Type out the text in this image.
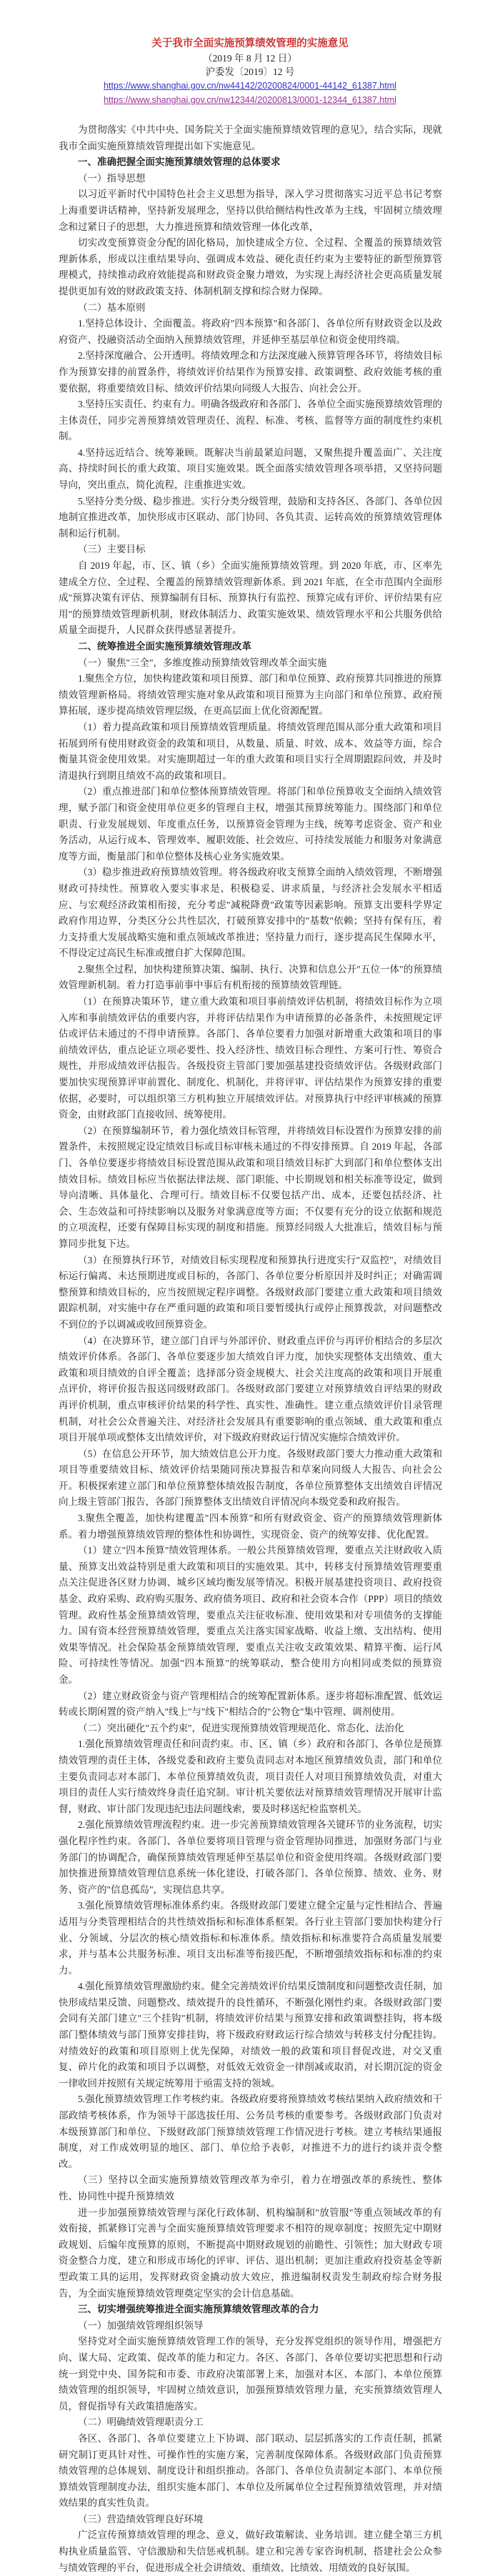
关于我市全面实施预算绩效管理的实施意见
（2019 年 8 月 12 日）
沪委发〔2019〕12 号
https://www.shanghai.gov.cn/nw44142/20200824/0001-44142_61387.html
https://www.shanghai.gov.cn/nw12344/20200813/0001-12344_61387.html

为贯彻落实《中共中央、国务院关于全面实施预算绩效管理的意见》，结合实际，现就我市全面实施预算绩效管理提出如下实施意见。

一、准确把握全面实施预算绩效管理的总体要求

（一）指导思想

以习近平新时代中国特色社会主义思想为指导，深入学习贯彻落实习近平总书记考察上海重要讲话精神，坚持新发展理念，坚持以供给侧结构性改革为主线，牢固树立绩效理念和过紧日子的思想，大力推进预算和绩效管理一体化改革，

切实改变预算资金分配的固化格局，加快建成全方位、全过程、全覆盖的预算绩效管理新体系，形成以注重结果导向、强调成本效益、硬化责任约束为主要特征的新型预算管理模式，持续推动政府效能提高和财政资金聚力增效，为实现上海经济社会更高质量发展提供更加有效的财政政策支持、体制机制支撑和综合财力保障。

（二）基本原则

1.坚持总体设计、全面覆盖。将政府"四本预算"和各部门、各单位所有财政资金以及政府资产、投融资活动全面纳入预算绩效管理，并延伸至基层单位和资金使用终端。

2.坚持深度融合、公开透明。将绩效理念和方法深度融入预算管理各环节，将绩效目标作为预算安排的前置条件，将绩效评价结果作为预算安排、政策调整、政府效能考核的重要依据，将重要绩效目标、绩效评价结果向同级人大报告、向社会公开。

3.坚持压实责任、约束有力。明确各级政府和各部门、各单位全面实施预算绩效管理的主体责任，同步完善预算绩效管理责任、流程、标准、考核、监督等方面的制度性约束机制。

4.坚持远近结合、统筹兼顾。既解决当前最紧迫问题，又聚焦提升覆盖面广、关注度高、持续时间长的重大政策、项目实施效果。既全面落实绩效管理各项举措，又坚持问题导向，突出重点，简化流程，注重推进实效。

5.坚持分类分级、稳步推进。实行分类分级管理，鼓励和支持各区、各部门、各单位因地制宜推进改革，加快形成市区联动、部门协同、各负其责、运转高效的预算绩效管理体制和运行机制。

（三）主要目标

自 2019 年起，市、区、镇（乡）全面实施预算绩效管理。到 2020 年底，市、区率先建成全方位、全过程、全覆盖的预算绩效管理新体系。到 2021 年底，在全市范围内全面形成"预算决策有评估、预算编制有目标、预算执行有监控、预算完成有评价、评价结果有应用"的预算绩效管理新机制，财政体制活力、政策实施效果、绩效管理水平和公共服务供给质量全面提升，人民群众获得感显著提升。

二、统筹推进全面实施预算绩效管理改革

（一）聚焦"三全"，多维度推动预算绩效管理改革全面实施

1.聚焦全方位，加快构建政策和项目预算、部门和单位预算、政府预算共同推进的预算绩效管理新格局。将绩效管理实施对象从政策和项目预算为主向部门和单位预算、政府预算拓展，逐步提高绩效管理层级，在更高层面上优化资源配置。

（1）着力提高政策和项目预算绩效管理质量。将绩效管理范围从部分重大政策和项目拓展到所有使用财政资金的政策和项目，从数量、质量、时效、成本、效益等方面，综合衡量其资金使用效果。对实施期超过一年的重大政策和项目实行全周期跟踪问效，并及时清退执行到期且绩效不高的政策和项目。

（2）重点推进部门和单位整体预算绩效管理。将部门和单位预算收支全面纳入绩效管理，赋予部门和资金使用单位更多的管理自主权，增强其预算统筹能力。围绕部门和单位职责、行业发展规划、年度重点任务，以预算资金管理为主线，统筹考虑资金、资产和业务活动，从运行成本、管理效率、履职效能、社会效应、可持续发展能力和服务对象满意度等方面，衡量部门和单位整体及核心业务实施效果。

（3）稳步推进政府预算绩效管理。将各级政府收支预算全面纳入绩效管理，不断增强财政可持续性。预算收入要实事求是、积极稳妥、讲求质量，与经济社会发展水平相适应、与宏观经济政策相衔接，充分考虑"减税降费"政策等因素影响。预算支出要科学界定政府作用边界，分类区分公共性层次，打破预算安排中的"基数"依赖；坚持有保有压，着力支持重大发展战略实施和重点领域改革推进；坚持量力而行，逐步提高民生保障水平，不得设定过高民生标准或擅自扩大保障范围。

2.聚焦全过程，加快构建预算决策、编制、执行、决算和信息公开"五位一体"的预算绩效管理新机制。着力打造事前事中事后有机衔接的预算绩效管理链。

（1）在预算决策环节，建立重大政策和项目事前绩效评估机制，将绩效目标作为立项入库和事前绩效评估的重要内容，并将评估结果作为申请预算的必备条件，未按照规定评估或评估未通过的不得申请预算。各部门、各单位要着力加强对新增重大政策和项目的事前绩效评估，重点论证立项必要性、投入经济性、绩效目标合理性、方案可行性、筹资合规性，并形成绩效评估报告。各级投资主管部门要加强基建投资绩效评估。各级财政部门要加快实现预算评审前置化、制度化、机制化，并将评审、评估结果作为预算安排的重要依据，必要时，可以组织第三方机构独立开展绩效评估。对预算执行中经评审核减的预算资金，由财政部门直接收回、统筹使用。

（2）在预算编制环节，着力强化绩效目标管理，并将绩效目标设置作为预算安排的前置条件，未按照规定设定绩效目标或目标审核未通过的不得安排预算。自 2019 年起，各部门、各单位要逐步将绩效目标设置范围从政策和项目绩效目标扩大到部门和单位整体支出绩效目标。绩效目标应当依据法律法规、部门职能、中长期规划和相关标准等设定，做到导向清晰、具体量化、合理可行。绩效目标不仅要包括产出、成本，还要包括经济、社会、生态效益和可持续影响以及服务对象满意度等方面；不仅要有充分的设立依据和规范的立项流程，还要有保障目标实现的制度和措施。预算经同级人大批准后，绩效目标与预算同步批复下达。

（3）在预算执行环节，对绩效目标实现程度和预算执行进度实行"双监控"，对绩效目标运行偏离、未达预期进度或目标的，各部门、各单位要分析原因并及时纠正；对确需调整预算和绩效目标的，应当按照规定程序调整。各级财政部门要建立重大政策和项目绩效跟踪机制，对实施中存在严重问题的政策和项目要暂缓执行或停止预算拨款，对问题整改不到位的予以调减或收回预算资金。

（4）在决算环节，建立部门自评与外部评价、财政重点评价与再评价相结合的多层次绩效评价体系。各部门、各单位要逐步加大绩效自评力度，加快实现整体支出绩效、重大政策和项目绩效的自评全覆盖；选择部分资金规模大、社会关注度高的政策和项目开展重点评价，将评价报告报送同级财政部门。各级财政部门要建立对预算绩效自评结果的财政再评价机制，重点审核评价结果的科学性、真实性、准确性。建立重点绩效评价目录管理机制，对社会公众普遍关注、对经济社会发展具有重要影响的重点领域、重大政策和重点项目开展单项或整体支出绩效评价，对下级政府财政运行情况实施综合绩效评价。

（5）在信息公开环节，加大绩效信息公开力度。各级财政部门要大力推动重大政策和项目等重要绩效目标、绩效评价结果随同预决算报告和草案向同级人大报告、向社会公开。积极探索建立部门和单位预算整体绩效报告制度，各单位预算整体支出绩效自评情况向上级主管部门报告，各部门预算整体支出绩效自评情况向本级党委和政府报告。

3.聚焦全覆盖，加快构建覆盖"四本预算"和所有财政资金、资产的预算绩效管理新体系。着力增强预算绩效管理的整体性和协调性，实现资金、资产的统筹安排、优化配置。

（1）建立"四本预算"绩效管理体系。一般公共预算绩效管理，要重点关注财政收入质量、预算支出效益特别是重大政策和项目的实施效果。其中，转移支付预算绩效管理要重点关注促进各区财力协调、城乡区域均衡发展等情况。积极开展基建投资项目、政府投资基金、政府采购、政府购买服务、政府债务项目、政府和社会资本合作（PPP）项目的绩效管理。政府性基金预算绩效管理，要重点关注征收标准、使用效果和对专项债务的支撑能力。国有资本经营预算绩效管理，要重点关注落实国家战略、收益上缴、支出结构、使用效果等情况。社会保险基金预算绩效管理，要重点关注收支政策效果、精算平衡、运行风险、可持续性等情况。加强"四本预算"的统筹联动，整合使用方向相同或类似的预算资金。

（2）建立财政资金与资产管理相结合的统筹配置新体系。逐步将超标准配置、低效运转或长期闲置的资产纳入"线上"与"线下"相结合的"公物仓"集中管理、调剂使用。

（二）突出硬化"五个约束"，促进实现预算绩效管理规范化、常态化、法治化

1.强化预算绩效管理责任和问责约束。市、区、镇（乡）政府和各部门、各单位是预算绩效管理的责任主体，各级党委和政府主要负责同志对本地区预算绩效负责，部门和单位主要负责同志对本部门、本单位预算绩效负责，项目责任人对项目预算绩效负责，对重大项目的责任人实行绩效终身责任追究制。审计机关要依法对预算绩效管理情况开展审计监督，财政、审计部门发现违纪违法问题线索，要及时移送纪检监察机关。

2.强化预算绩效管理流程约束。进一步完善预算绩效管理各关键环节的业务流程，切实强化程序性约束。各部门、各单位要将项目管理与资金管理协同推进，加强财务部门与业务部门的协调配合，确保预算绩效管理延伸至基层单位和资金使用终端。各级财政部门要加快推进预算绩效管理信息系统一体化建设，打破各部门、各单位预算、绩效、业务、财务、资产的"信息孤岛"，实现信息共享。

3.强化预算绩效管理标准体系约束。各级财政部门要建立健全定量与定性相结合、普遍适用与分类管理相结合的共性绩效指标和标准体系框架。各行业主管部门要加快构建分行业、分领域、分层次的核心绩效指标和标准体系。绩效指标和标准要符合高质量发展要求，并与基本公共服务标准、项目支出标准等衔接匹配，不断增强绩效指标和标准的约束力。

4.强化预算绩效管理激励约束。健全完善绩效评价结果反馈制度和问题整改责任制，加快形成结果反馈、问题整改、绩效提升的良性循环，不断强化刚性约束。各级财政部门要会同有关部门建立"三个挂钩"机制，将绩效评价结果与预算安排和政策调整挂钩，将本级部门整体绩效与部门预算安排挂钩，将下级政府财政运行综合绩效与转移支付分配挂钩。对绩效好的政策和项目原则上优先保障，对绩效一般的政策和项目督促改进，对交叉重复、碎片化的政策和项目予以调整，对低效无效资金一律削减或取消，对长期沉淀的资金一律收回并按照有关规定统筹用于亟需支持的领域。

5.强化预算绩效管理工作考核约束。各级政府要将预算绩效考核结果纳入政府绩效和干部政绩考核体系，作为领导干部选拔任用、公务员考核的重要参考。各级财政部门负责对本级预算部门和单位、下级财政部门预算绩效管理工作情况进行考核。建立考核结果通报制度，对工作成效明显的地区、部门、单位给予表彰，对推进不力的进行约谈并责令整改。

（三）坚持以全面实施预算绩效管理改革为牵引，着力在增强改革的系统性、整体性、协同性中提升预算绩效

进一步加强预算绩效管理与深化行政体制、机构编制和"放管服"等重点领域改革的有效衔接，抓紧修订完善与全面实施预算绩效管理要求不相符的规章制度；按照先定中期财政规划、后编年度预算的原则，不断提高中期财政规划的前瞻性、引领性；加大财政专项资金整合力度，建立和形成市场化的评审、评估、退出机制；更加注重政府投资基金等新型政策工具的运用，发挥财政资金撬动放大效应，推进编制权责发生制政府综合财务报告，为全面实施预算绩效管理奠定坚实的会计信息基础。

三、切实增强统筹推进全面实施预算绩效管理改革的合力

（一）加强绩效管理组织领导

坚持党对全面实施预算绩效管理工作的领导，充分发挥党组织的领导作用，增强把方向、谋大局、定政策、促改革的能力和定力。各区、各部门、各单位要切实把思想和行动统一到党中央、国务院和市委、市政府决策部署上来，加强对本区、本部门、本单位预算绩效管理的组织领导，牢固树立绩效意识，加强预算绩效管理力量，充实预算绩效管理人员，督促指导有关政策措施落实。

（二）明确绩效管理职责分工

各区、各部门、各单位要建立上下协调、部门联动、层层抓落实的工作责任制，抓紧研究制订更具针对性、可操作性的实施方案，完善制度保障体系。各级财政部门负责预算绩效管理的总体规划、制度设计和组织推动。各部门、各单位负责制定本部门、本单位预算绩效管理制度办法，组织实施本部门、本单位及所属单位全过程预算绩效管理，并对绩效结果的真实性负责。

（三）营造绩效管理良好环境

广泛宣传预算绩效管理的理念、意义，做好政策解读、业务培训。建立健全第三方机构执业质量监管、守信激励和失信惩戒机制。建立和完善专家咨询机制，搭建社会公众参与绩效管理的平台，促进形成全社会讲绩效、重绩效、比绩效、用绩效的良好氛围。
